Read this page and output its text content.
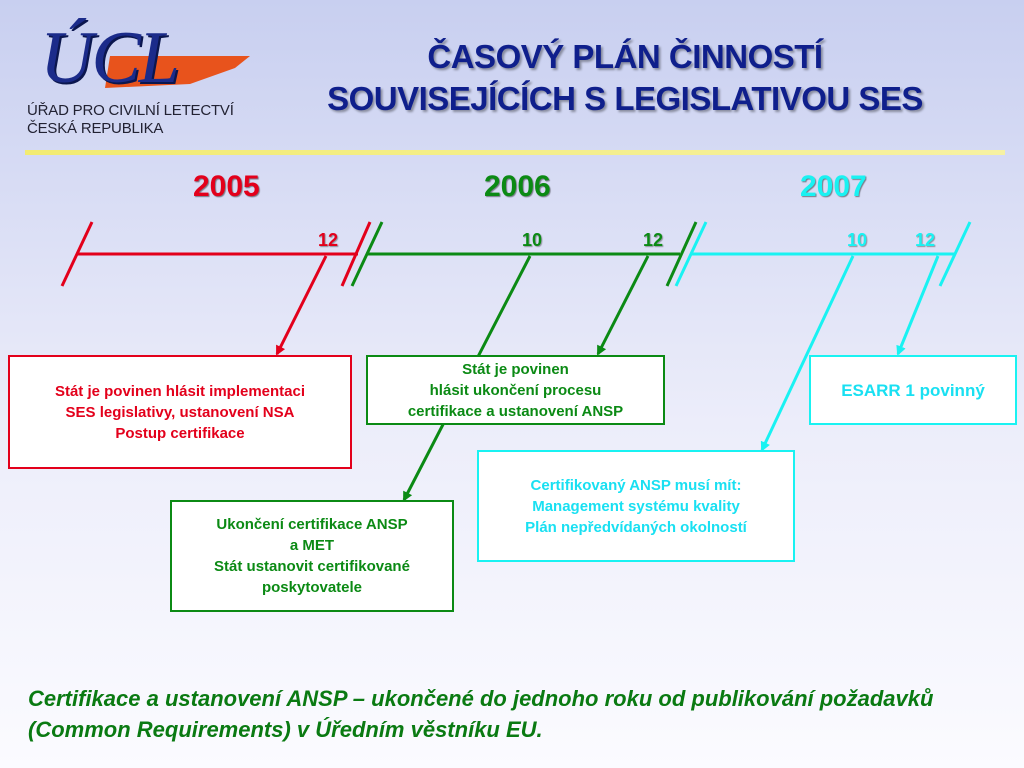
ÚCL
ÚŘAD PRO CIVILNÍ LETECTVÍ
ČESKÁ REPUBLIKA
ČASOVÝ PLÁN ČINNOSTÍ
SOUVISEJÍCÍCH S LEGISLATIVOU SES
2005	2006	2007
12	10	12	10	12
Stát je povinen hlásit implementaci
SES legislativy, ustanovení NSA
Postup certifikace
Stát je povinen
hlásit ukončení procesu
certifikace a ustanovení ANSP
ESARR 1 povinný
Certifikovaný ANSP musí mít:
Management systému kvality
Plán nepředvídaných okolností
Ukončení certifikace ANSP
a MET
Stát ustanovit certifikované
poskytovatele
Certifikace a ustanovení ANSP – ukončené do jednoho roku od publikování požadavků (Common Requirements) v Úředním věstníku EU.
